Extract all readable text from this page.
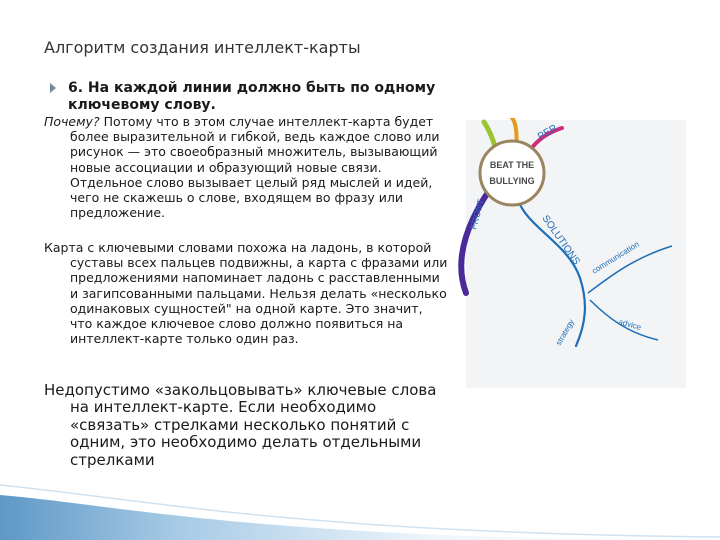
Алгоритм создания интеллект-карты
6. На каждой линии должно быть по одному ключевому слову.
Почему? Потому что в этом случае интеллект-карта будет более выразительной и гибкой, ведь каждое слово или рисунок — это своеобразный множитель, вызывающий новые ассоциации и образующий новые связи. Отдельное слово вызывает целый ряд мыслей и идей, чего не скажешь о слове, входящем во фразу или предложение.
Карта с ключевыми словами похожа на ладонь, в которой суставы всех пальцев подвижны, а карта с фразами или предложениями напоминает ладонь с расставленными и загипсованными пальцами. Нельзя делать «несколько одинаковых сущностей" на одной карте. Это значит, что каждое ключевое слово должно появиться на интеллект-карте только один раз.
Недопустимо «закольцовывать» ключевые слова на интеллект-карте. Если необходимо «связать» стрелками несколько понятий с одним, это необходимо делать отдельными стрелками
BEAT THE
BULLYING
PER
FRONT	SOLUTIONS communication
strategy	advice
